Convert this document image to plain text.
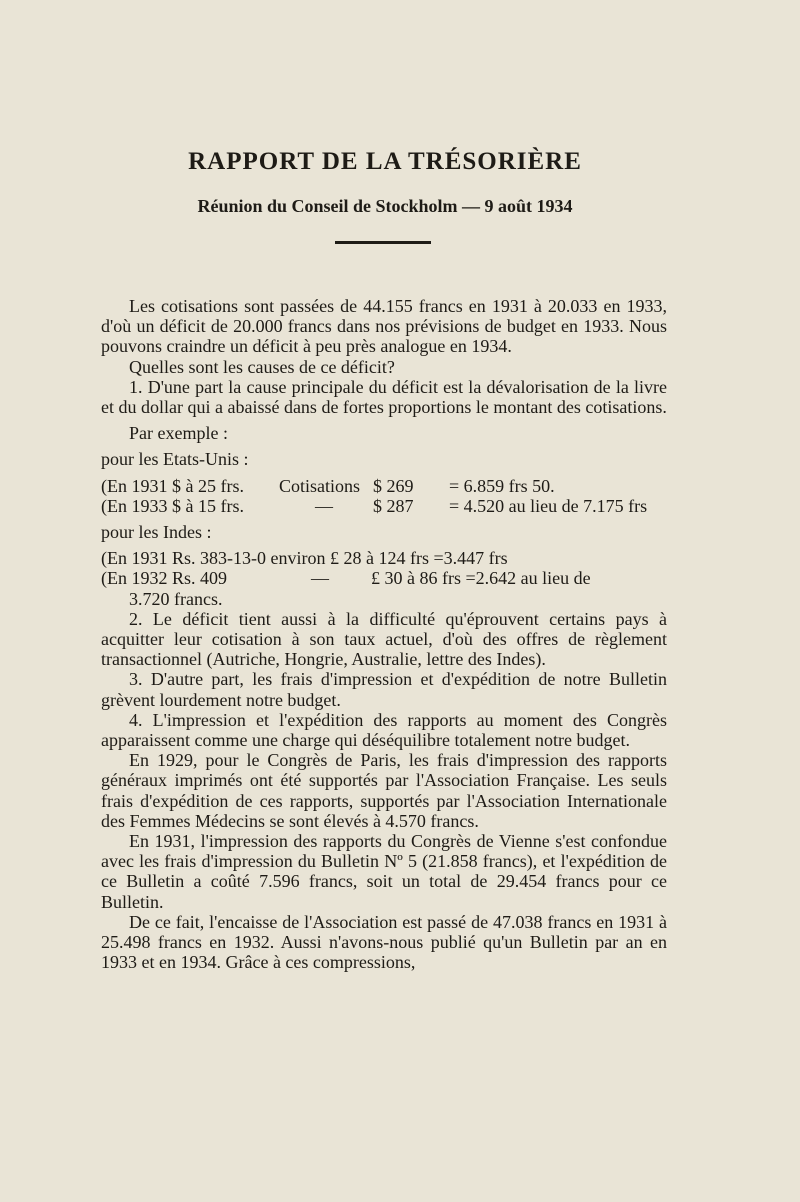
RAPPORT DE LA TRÉSORIÈRE
Réunion du Conseil de Stockholm — 9 août 1934

Les cotisations sont passées de 44.155 francs en 1931 à 20.033 en 1933, d'où un déficit de 20.000 francs dans nos prévisions de budget en 1933. Nous pouvons craindre un déficit à peu près analogue en 1934.

Quelles sont les causes de ce déficit?

1. D'une part la cause principale du déficit est la dévalorisation de la livre et du dollar qui a abaissé dans de fortes proportions le montant des cotisations.

Par exemple :

pour les Etats-Unis :

(En 1931 $ à 25 frs.	Cotisations $ 269	= 6.859 frs 50.
(En 1933 $ à 15 frs.	—	$ 287	= 4.520 au lieu de 7.175 frs

pour les Indes :

(En 1931 Rs. 383-13-0 environ £ 28 à 124 frs =3.447 frs
(En 1932 Rs. 409	—	£ 30 à 86 frs =2.642 au lieu de

3.720 francs.

2. Le déficit tient aussi à la difficulté qu'éprouvent certains pays à acquitter leur cotisation à son taux actuel, d'où des offres de règlement transactionnel (Autriche, Hongrie, Australie, lettre des Indes).

3. D'autre part, les frais d'impression et d'expédition de notre Bulletin grèvent lourdement notre budget.

4. L'impression et l'expédition des rapports au moment des Congrès apparaissent comme une charge qui déséquilibre totalement notre budget.

En 1929, pour le Congrès de Paris, les frais d'impression des rapports généraux imprimés ont été supportés par l'Association Française. Les seuls frais d'expédition de ces rapports, supportés par l'Association Internationale des Femmes Médecins se sont élevés à 4.570 francs.

En 1931, l'impression des rapports du Congrès de Vienne s'est confondue avec les frais d'impression du Bulletin Nº 5 (21.858 francs), et l'expédition de ce Bulletin a coûté 7.596 francs, soit un total de 29.454 francs pour ce Bulletin.

De ce fait, l'encaisse de l'Association est passé de 47.038 francs en 1931 à 25.498 francs en 1932. Aussi n'avons-nous publié qu'un Bulletin par an en 1933 et en 1934. Grâce à ces compressions,
